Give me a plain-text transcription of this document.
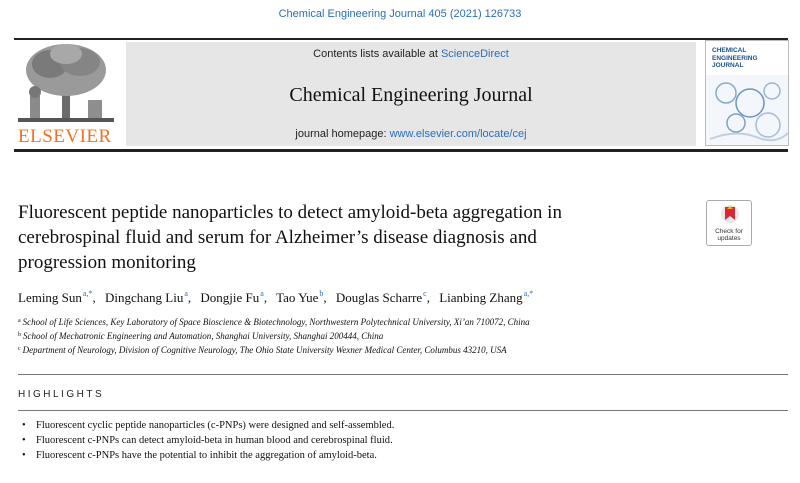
Chemical Engineering Journal 405 (2021) 126733
ELSEVIER
Contents lists available at ScienceDirect
Chemical Engineering Journal
journal homepage: www.elsevier.com/locate/cej
CHEMICAL
ENGINEERING
JOURNAL
Fluorescent peptide nanoparticles to detect amyloid-beta aggregation in
cerebrospinal fluid and serum for Alzheimer’s disease diagnosis and
progression monitoring
Check for
updates
Leming Sun$^{a,*}$, Dingchang Liu$^a$, Dongjie Fu$^a$, Tao Yue$^b$, Douglas Scharre$^c$, Lianbing Zhang$^{a,*}$
$^a$ School of Life Sciences, Key Laboratory of Space Bioscience & Biotechnology, Northwestern Polytechnical University, Xi’an 710072, China
$^b$ School of Mechatronic Engineering and Automation, Shanghai University, Shanghai 200444, China
$^c$ Department of Neurology, Division of Cognitive Neurology, The Ohio State University Wexner Medical Center, Columbus 43210, USA
HIGHLIGHTS
• Fluorescent cyclic peptide nanoparticles (c-PNPs) were designed and self-assembled.
• Fluorescent c-PNPs can detect amyloid-beta in human blood and cerebrospinal fluid.
• Fluorescent c-PNPs have the potential to inhibit the aggregation of amyloid-beta.
